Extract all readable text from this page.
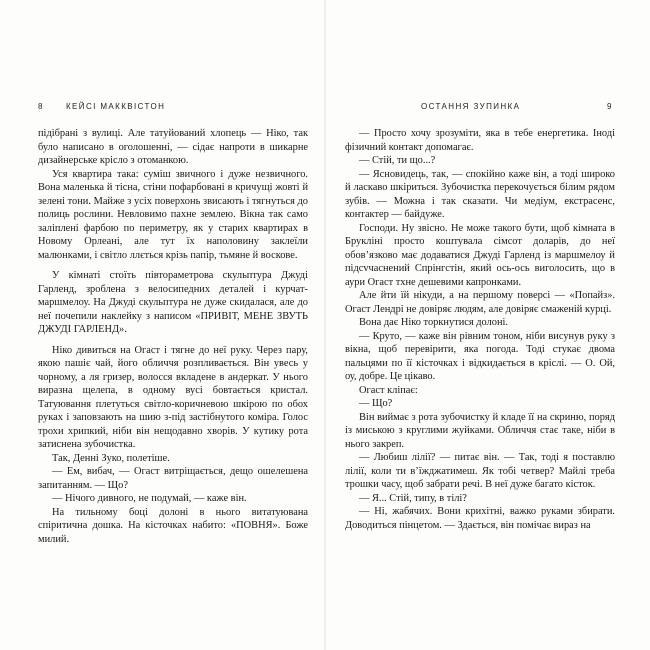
8	КЕЙСІ МАККВІСТОН

підібрані з вулиці. Але татуйований хлопець — Ніко, так було написано в оголошенні, — сідає напроти в шикарне дизайнерське крісло з отоманкою.

Уся квартира така: суміш звичного і дуже незвичного. Вона маленька й тісна, стіни пофарбовані в кричущі жовті й зелені тони. Майже з усіх поверхонь звисають і тягнуться до полиць рослини. Невловимо пахне землею. Вікна так само заліплені фарбою по периметру, як у старих квартирах в Новому Орлеані, але тут їх наполовину заклеїли малюнками, і світло ллється крізь папір, тьмяне й воскове.

У кімнаті стоїть півтораметрова скульптура Джуді Гарленд, зроблена з велосипедних деталей і курчат-маршмелоу. На Джуді скульптура не дуже скидалася, але до неї почепили наклейку з написом «ПРИВІТ, МЕНЕ ЗВУТЬ ДЖУДІ ГАРЛЕНД».

Ніко дивиться на Огаст і тягне до неї руку. Через пару, якою пашіє чай, його обличчя розпливається. Він увесь у чорному, а ля гризер, волосся вкладене в андеркат. У нього виразна щелепа, в одному вусі бовтається кристал. Татуювання плетуться світло-коричневою шкірою по обох руках і заповзають на шию з-під застібнутого коміра. Голос трохи хрипкий, ніби він нещодавно хворів. У кутику рота затиснена зубочистка.

Так, Денні Зуко, полетіше.

— Ем, вибач, — Огаст витріщається, дещо ошелешена запитанням. — Що?

— Нічого дивного, не подумай, — каже він.

На тильному боці долоні в нього витатуювана спіритична дошка. На кісточках набито: «ПОВНЯ». Боже милий.

ОСТАННЯ ЗУПИНКА	9

— Просто хочу зрозуміти, яка в тебе енергетика. Іноді фізичний контакт допомагає.

— Стій, ти що...?

— Ясновидець, так, — спокійно каже він, а тоді широко й ласкаво шкіриться. Зубочистка перекочується білим рядом зубів. — Можна і так сказати. Чи медіум, екстрасенс, контактер — байдуже.

Господи. Ну звісно. Не може такого бути, щоб кімната в Брукліні просто коштувала сімсот доларів, до неї обов’язково має додаватися Джуді Гарленд із маршмелоу й підсvчаснений Спрінгстін, який ось-ось виголосить, що в аури Огаст тхне дешевими капронками.

Але йти їй нікуди, а на першому поверсі — «Попайз». Огаст Лендрі не довіряє людям, але довіряє смаженій курці.

Вона дає Ніко торкнутися долоні.

— Круто, — каже він рівним тоном, ніби висунув руку з вікна, щоб перевірити, яка погода. Тоді стукає двома пальцями по її кісточках і відкидається в кріслі. — О. Ой, оу, добре. Це цікаво.

Огаст кліпає:

— Що?

Він виймає з рота зубочистку й кладе її на скриню, поряд із миською з круглими жуйками. Обличчя стає таке, ніби в нього закреп.

— Любиш лілії? — питає він. — Так, тоді я поставлю лілії, коли ти в’їжджатимеш. Як тобі четвер? Майлі треба трошки часу, щоб забрати речі. В неї дуже багато кісток.

— Я... Стій, типу, в тілі?

— Ні, жабячих. Вони крихітні, важко руками збирати. Доводиться пінцетом. — Здається, він помічає вираз на
